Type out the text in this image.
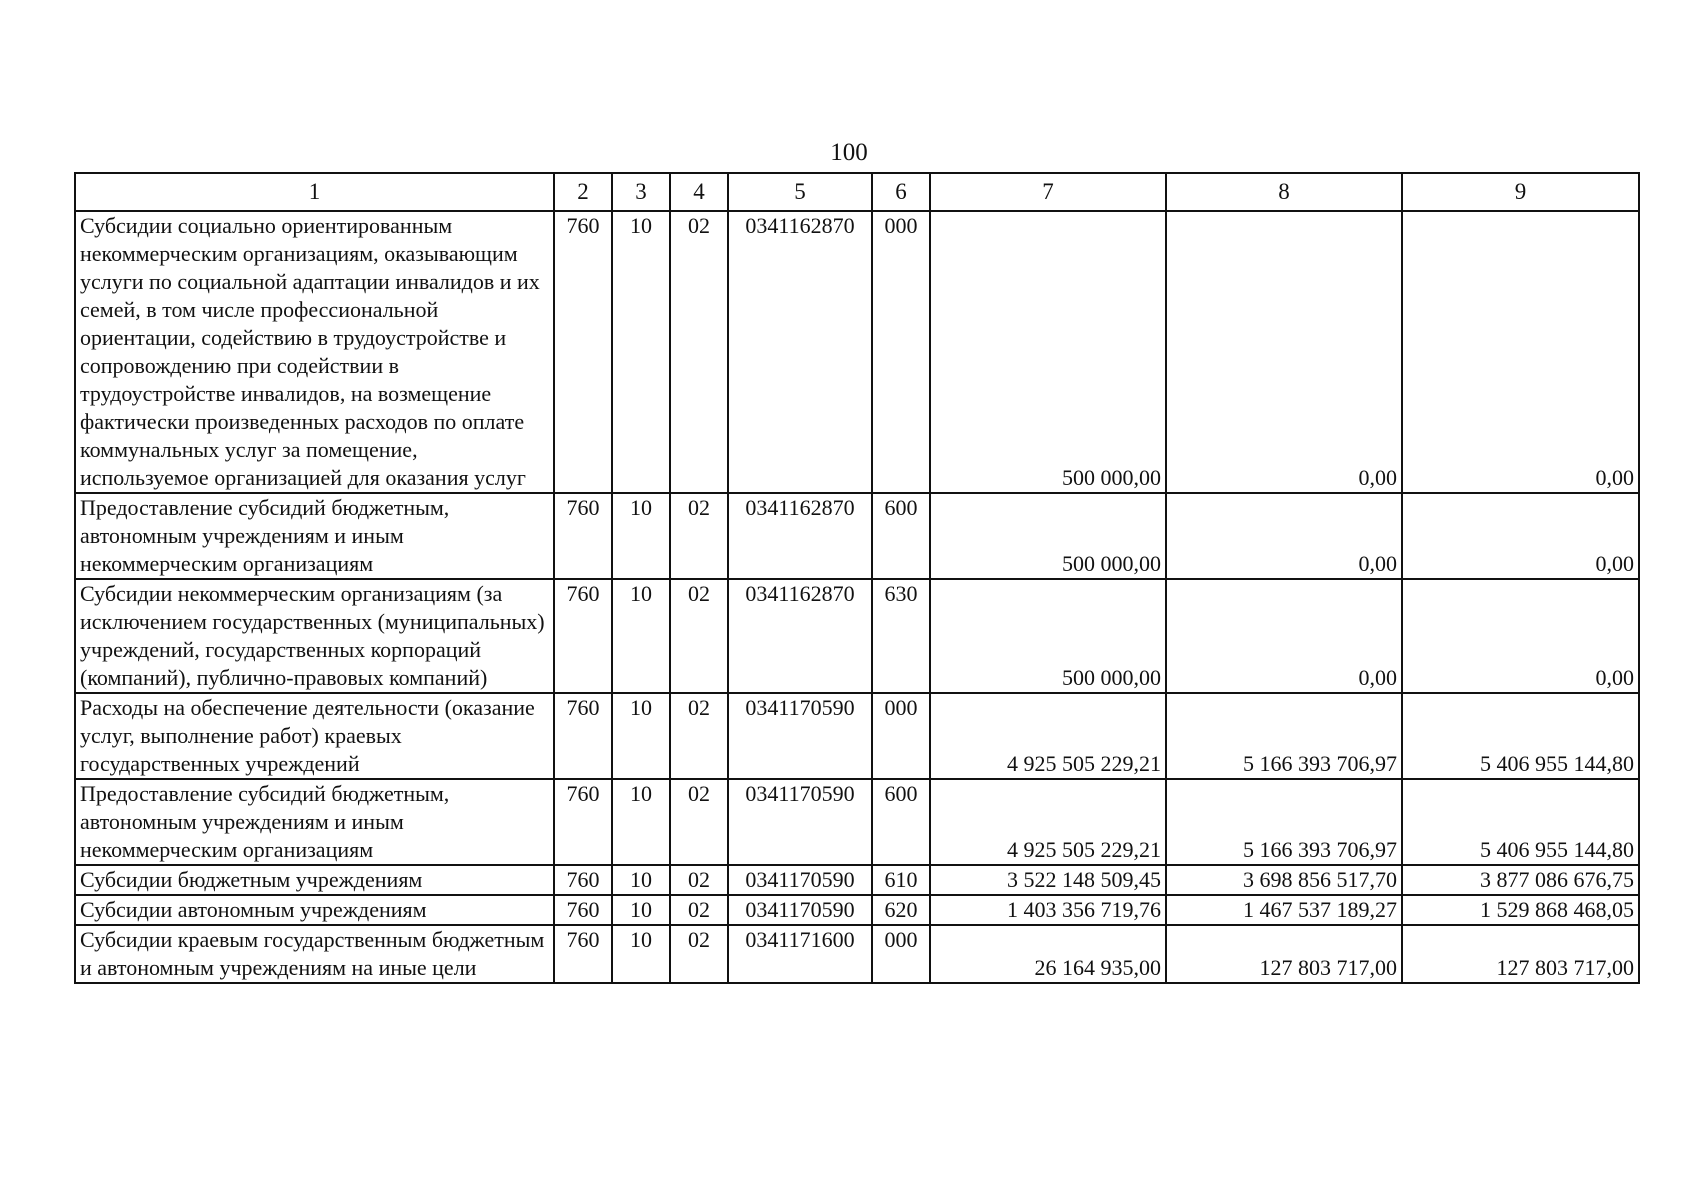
100
1	2	3	4	5	6	7	8	9
Субсидии социально ориентированным некоммерческим организациям, оказывающим услуги по социальной адаптации инвалидов и их семей, в том числе профессиональной ориентации, содействию в трудоустройстве и сопровождению при содействии в трудоустройстве инвалидов, на возмещение фактически произведенных расходов по оплате коммунальных услуг за помещение, используемое организацией для оказания услуг	760	10	02	0341162870	000	500 000,00	0,00	0,00
Предоставление субсидий бюджетным, автономным учреждениям и иным некоммерческим организациям	760	10	02	0341162870	600	500 000,00	0,00	0,00
Субсидии некоммерческим организациям (за исключением государственных (муниципальных) учреждений, государственных корпораций (компаний), публично-правовых компаний)	760	10	02	0341162870	630	500 000,00	0,00	0,00
Расходы на обеспечение деятельности (оказание услуг, выполнение работ) краевых государственных учреждений	760	10	02	0341170590	000	4 925 505 229,21	5 166 393 706,97	5 406 955 144,80
Предоставление субсидий бюджетным, автономным учреждениям и иным некоммерческим организациям	760	10	02	0341170590	600	4 925 505 229,21	5 166 393 706,97	5 406 955 144,80
Субсидии бюджетным учреждениям	760	10	02	0341170590	610	3 522 148 509,45	3 698 856 517,70	3 877 086 676,75
Субсидии автономным учреждениям	760	10	02	0341170590	620	1 403 356 719,76	1 467 537 189,27	1 529 868 468,05
Субсидии краевым государственным бюджетным и автономным учреждениям на иные цели	760	10	02	0341171600	000	26 164 935,00	127 803 717,00	127 803 717,00
